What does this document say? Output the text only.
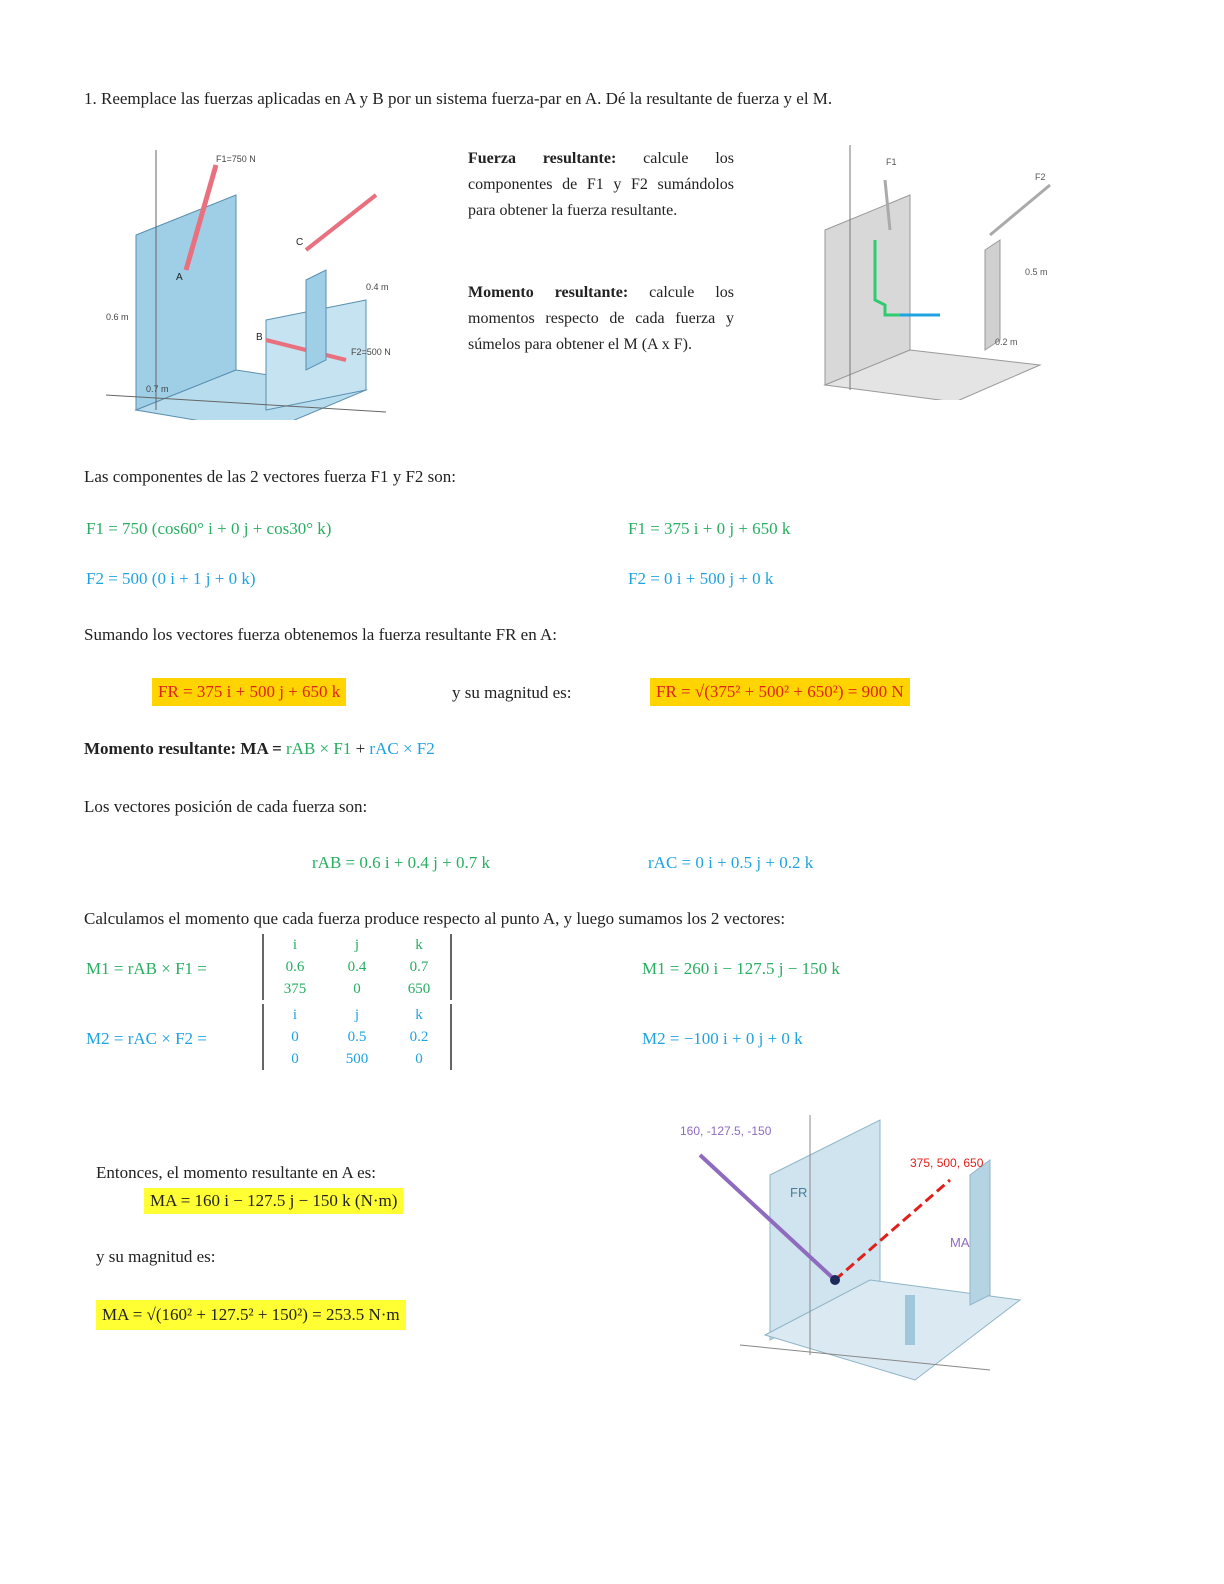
1. Reemplace las fuerzas aplicadas en A y B por un sistema fuerza-par en A. Dé la resultante de fuerza y el M.
F1=750 N
F2=500 N
0.6 m
0.4 m
0.7 m
A
B
C
Fuerza resultante: calcule los componentes de F1 y F2 sumándolos para obtener la fuerza resultante.
Momento resultante: calcule los momentos respecto de cada fuerza y súmelos para obtener el M (A x F).
F1
F2
0.5 m
0.2 m
Las componentes de las 2 vectores fuerza F1 y F2 son:
F1 = 750 (cos60° i + 0 j + cos30° k)	F1 = 375 i + 0 j + 650 k
F2 = 500 (0 i + 1 j + 0 k)	F2 = 0 i + 500 j + 0 k
Sumando los vectores fuerza obtenemos la fuerza resultante FR en A:
FR = 375 i + 500 j + 650 k	y su magnitud es:	FR = √(375² + 500² + 650²) = 900 N
Momento resultante: MA = rAB × F1 + rAC × F2
Los vectores posición de cada fuerza son:
rAB = 0.6 i + 0.4 j + 0.7 k	rAC = 0 i + 0.5 j + 0.2 k
Calculamos el momento que cada fuerza produce respecto al punto A, y luego sumamos los 2 vectores:
M1 = rAB × F1 =
i	j	k
0.6	0.4	0.7
375	0	650
M1 = 260 i − 127.5 j − 150 k
M2 = rAC × F2 =
i	j	k
0	0.5	0.2
0	500	0
M2 = −100 i + 0 j + 0 k
Entonces, el momento resultante en A es:
MA = 160 i − 127.5 j − 150 k (N·m)
y su magnitud es:
MA = √(160² + 127.5² + 150²) = 253.5 N·m
160, -127.5, -150
375, 500, 650
MA
FR
